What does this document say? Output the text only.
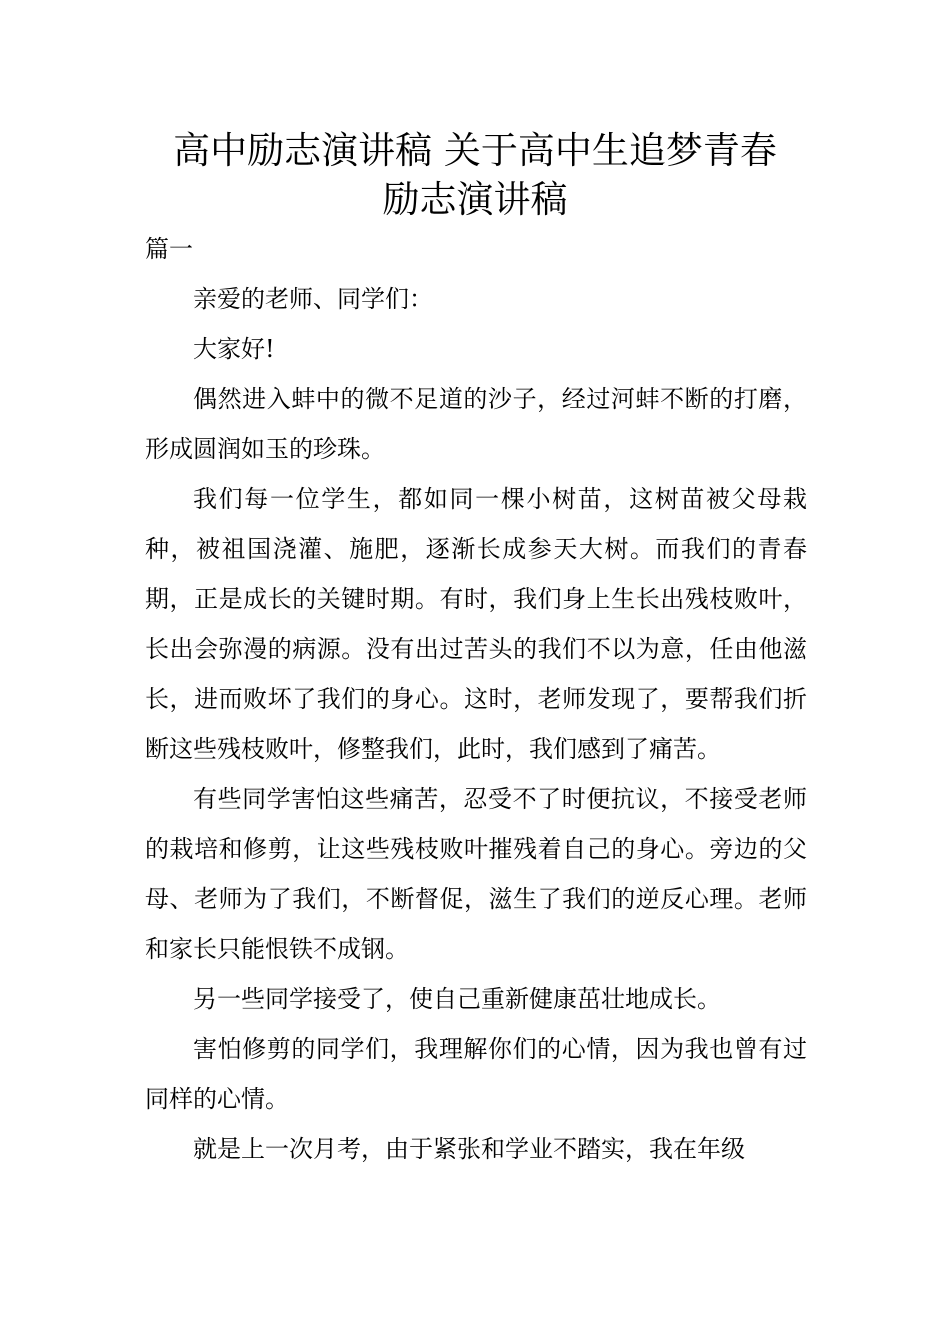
高中励志演讲稿 关于高中生追梦青春
励志演讲稿

篇一

亲爱的老师、同学们：

大家好!

偶然进入蚌中的微不足道的沙子，经过河蚌不断的打磨，形成圆润如玉的珍珠。

我们每一位学生，都如同一棵小树苗，这树苗被父母栽种，被祖国浇灌、施肥，逐渐长成参天大树。而我们的青春期，正是成长的关键时期。有时，我们身上生长出残枝败叶，长出会弥漫的病源。没有出过苦头的我们不以为意，任由他滋长，进而败坏了我们的身心。这时，老师发现了，要帮我们折断这些残枝败叶，修整我们，此时，我们感到了痛苦。

有些同学害怕这些痛苦，忍受不了时便抗议，不接受老师的栽培和修剪，让这些残枝败叶摧残着自己的身心。旁边的父母、老师为了我们，不断督促，滋生了我们的逆反心理。老师和家长只能恨铁不成钢。

另一些同学接受了，使自己重新健康茁壮地成长。

害怕修剪的同学们，我理解你们的心情，因为我也曾有过同样的心情。

就是上一次月考，由于紧张和学业不踏实，我在年级
